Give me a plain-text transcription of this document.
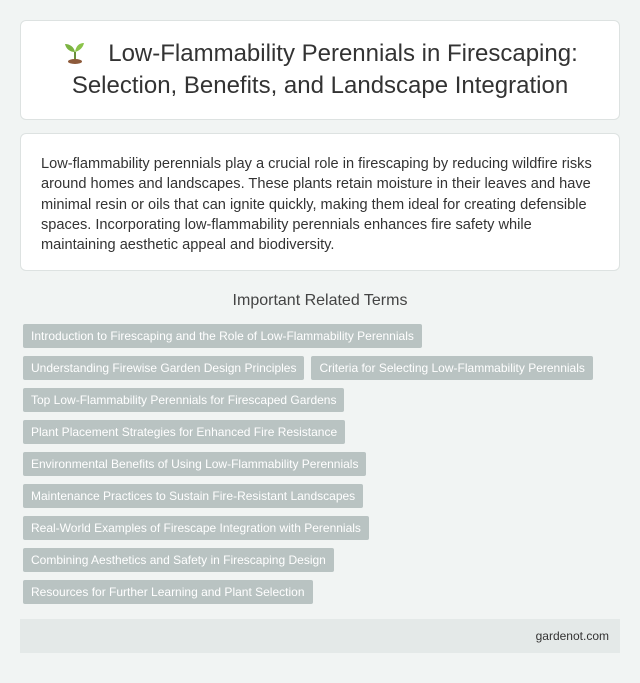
Low-Flammability Perennials in Firescaping: Selection, Benefits, and Landscape Integration

Low-flammability perennials play a crucial role in firescaping by reducing wildfire risks around homes and landscapes. These plants retain moisture in their leaves and have minimal resin or oils that can ignite quickly, making them ideal for creating defensible spaces. Incorporating low-flammability perennials enhances fire safety while maintaining aesthetic appeal and biodiversity.

Important Related Terms
Introduction to Firescaping and the Role of Low-Flammability Perennials
Understanding Firewise Garden Design Principles	Criteria for Selecting Low-Flammability Perennials
Top Low-Flammability Perennials for Firescaped Gardens
Plant Placement Strategies for Enhanced Fire Resistance
Environmental Benefits of Using Low-Flammability Perennials
Maintenance Practices to Sustain Fire-Resistant Landscapes
Real-World Examples of Firescape Integration with Perennials
Combining Aesthetics and Safety in Firescaping Design
Resources for Further Learning and Plant Selection
gardenot.com
